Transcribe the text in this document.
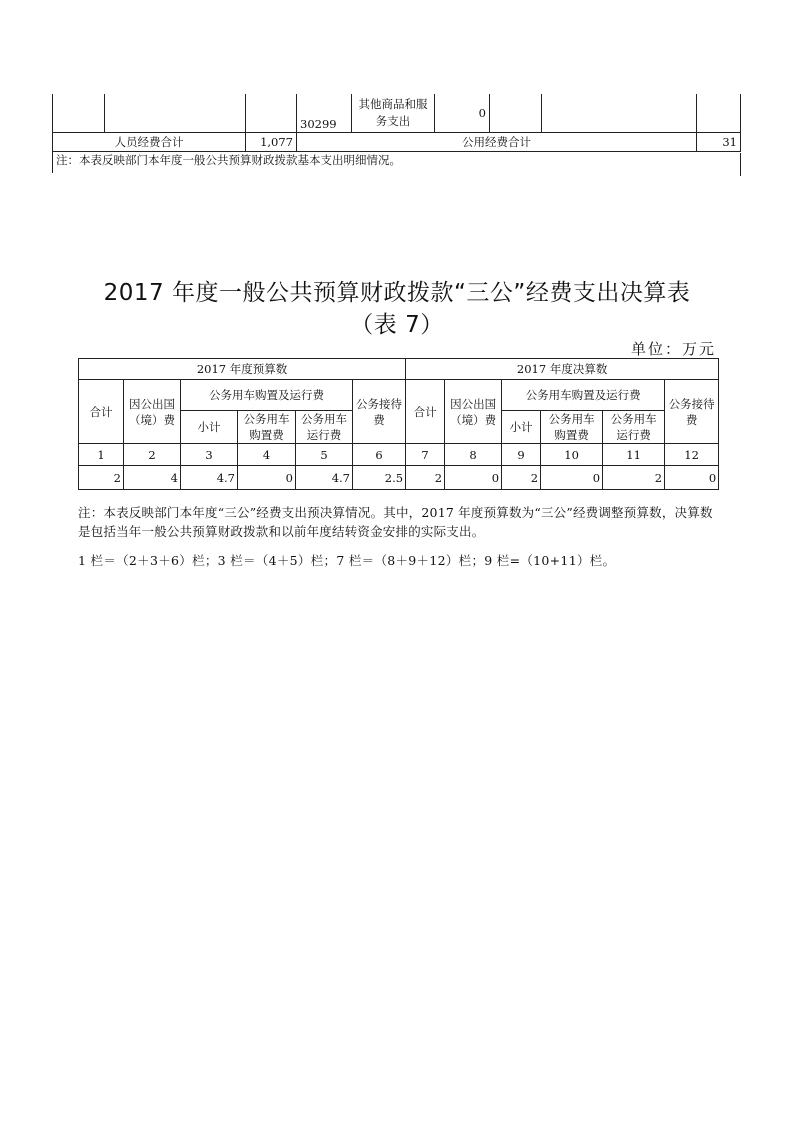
			30299	其他商品和服务支出	0			
人员经费合计		1,077	公用经费合计					31
注：本表反映部门本年度一般公共预算财政拨款基本支出明细情况。								
2017 年度一般公共预算财政拨款“三公”经费支出决算表
（表 7）
单位：万元
2017 年度预算数						2017 年度决算数					
合计	因公出国（境）费	公务用车购置及运行费			公务接待费	合计	因公出国（境）费	公务用车购置及运行费			公务接待费
		小计	公务用车购置费	公务用车运行费				小计	公务用车购置费	公务用车运行费	
1	2	3	4	5	6	7	8	9	10	11	12
2	4	4.7	0	4.7	2.5	2	0	2	0	2	0
注：本表反映部门本年度“三公”经费支出预决算情况。其中，2017 年度预算数为“三公”经费调整预算数，决算数是包括当年一般公共预算财政拨款和以前年度结转资金安排的实际支出。
1 栏＝（2＋3＋6）栏；3 栏＝（4＋5）栏；7 栏＝（8＋9＋12）栏；9 栏=（10+11）栏。
